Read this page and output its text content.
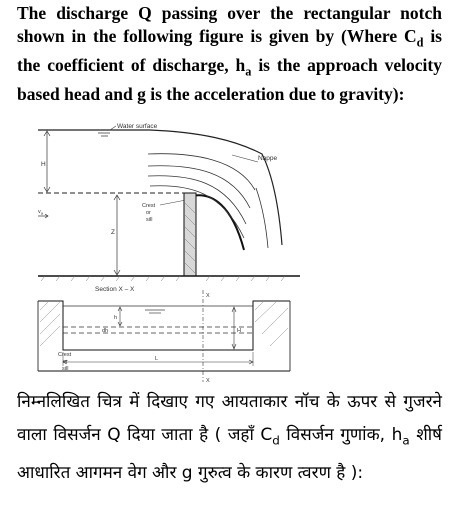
The discharge Q passing over the rectangular notch shown in the following figure is given by (Where $C_d$ is the coefficient of discharge, $h_a$ is the approach velocity based head and g is the acceleration due to gravity):
Water surface
Nappe
H
$v_a$
Z
Crest
or
sill
Section X – X
X
X
h
dh	H
L
Crest
or
sill
निम्नलिखित चित्र में दिखाए गए आयताकार नॉच के ऊपर से गुजरने वाला विसर्जन Q दिया जाता है ( जहाँ $C_d$ विसर्जन गुणांक, $h_a$ शीर्ष आधारित आगमन वेग और g गुरुत्व के कारण त्वरण है ):
